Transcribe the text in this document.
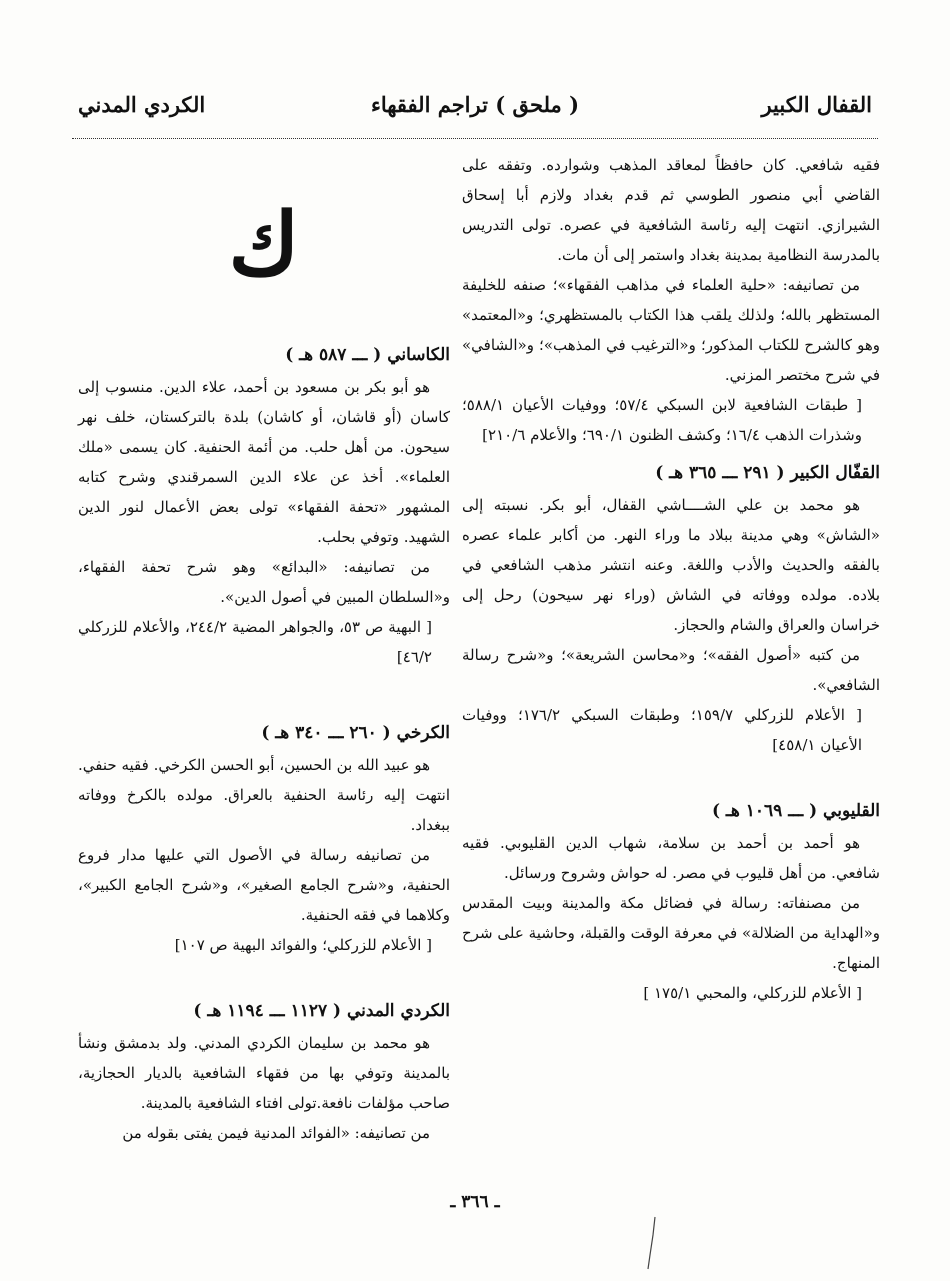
القفال الكبير
( ملحق ) تراجم الفقهاء
الكردي المدني

فقيه شافعي. كان حافظاً لمعاقد المذهب وشوارده. وتفقه على القاضي أبي منصور الطوسي ثم قدم بغداد ولازم أبا إسحاق الشيرازي. انتهت إليه رئاسة الشافعية في عصره. تولى التدريس بالمدرسة النظامية بمدينة بغداد واستمر إلى أن مات.

من تصانيفه: «حلية العلماء في مذاهب الفقهاء»؛ صنفه للخليفة المستظهر بالله؛ ولذلك يلقب هذا الكتاب بالمستظهري؛ و«المعتمد» وهو كالشرح للكتاب المذكور؛ و«الترغيب في المذهب»؛ و«الشافي» في شرح مختصر المزني.

[ طبقات الشافعية لابن السبكي ٥٧/٤؛ ووفيات الأعيان ٥٨٨/١؛ وشذرات الذهب ١٦/٤؛ وكشف الظنون ٦٩٠/١؛ والأعلام ٢١٠/٦]

القفّال الكبير ( ٢٩١ ـــ ٣٦٥ هـ )

هو محمد بن علي الشــــاشي القفال، أبو بكر. نسبته إلى «الشاش» وهي مدينة ببلاد ما وراء النهر. من أكابر علماء عصره بالفقه والحديث والأدب واللغة. وعنه انتشر مذهب الشافعي في بلاده. مولده ووفاته في الشاش (وراء نهر سيحون) رحل إلى خراسان والعراق والشام والحجاز.

من كتبه «أصول الفقه»؛ و«محاسن الشريعة»؛ و«شرح رسالة الشافعي».

[ الأعلام للزركلي ١٥٩/٧؛ وطبقات السبكي ١٧٦/٢؛ ووفيات الأعيان ٤٥٨/١]

القليوبي ( ـــ ١٠٦٩ هـ )

هو أحمد بن أحمد بن سلامة، شهاب الدين القليوبي. فقيه شافعي. من أهل قليوب في مصر. له حواش وشروح ورسائل.

من مصنفاته: رسالة في فضائل مكة والمدينة وبيت المقدس و«الهداية من الضلالة» في معرفة الوقت والقبلة، وحاشية على شرح المنهاج.

[ الأعلام للزركلي، والمحبي ١٧٥/١ ]

ك
الكاساني ( ـــ ٥٨٧ هـ )

هو أبو بكر بن مسعود بن أحمد، علاء الدين. منسوب إلى كاسان (أو قاشان، أو كاشان) بلدة بالتركستان، خلف نهر سيحون. من أهل حلب. من أئمة الحنفية. كان يسمى «ملك العلماء». أخذ عن علاء الدين السمرقندي وشرح كتابه المشهور «تحفة الفقهاء» تولى بعض الأعمال لنور الدين الشهيد. وتوفي بحلب.

من تصانيفه: «البدائع» وهو شرح تحفة الفقهاء، و«السلطان المبين في أصول الدين».

[ البهية ص ٥٣، والجواهر المضية ٢٤٤/٢، والأعلام للزركلي ٤٦/٢]

الكرخي ( ٢٦٠ ـــ ٣٤٠ هـ )

هو عبيد الله بن الحسين، أبو الحسن الكرخي. فقيه حنفي. انتهت إليه رئاسة الحنفية بالعراق. مولده بالكرخ ووفاته ببغداد.

من تصانيفه رسالة في الأصول التي عليها مدار فروع الحنفية، و«شرح الجامع الصغير»، و«شرح الجامع الكبير»، وكلاهما في فقه الحنفية.

[ الأعلام للزركلي؛ والفوائد البهية ص ١٠٧]

الكردي المدني ( ١١٢٧ ـــ ١١٩٤ هـ )

هو محمد بن سليمان الكردي المدني. ولد بدمشق ونشأ بالمدينة وتوفي بها من فقهاء الشافعية بالديار الحجازية، صاحب مؤلفات نافعة.تولى افتاء الشافعية بالمدينة.

من تصانيفه: «الفوائد المدنية فيمن يفتى بقوله من

ـ ٣٦٦ ـ
